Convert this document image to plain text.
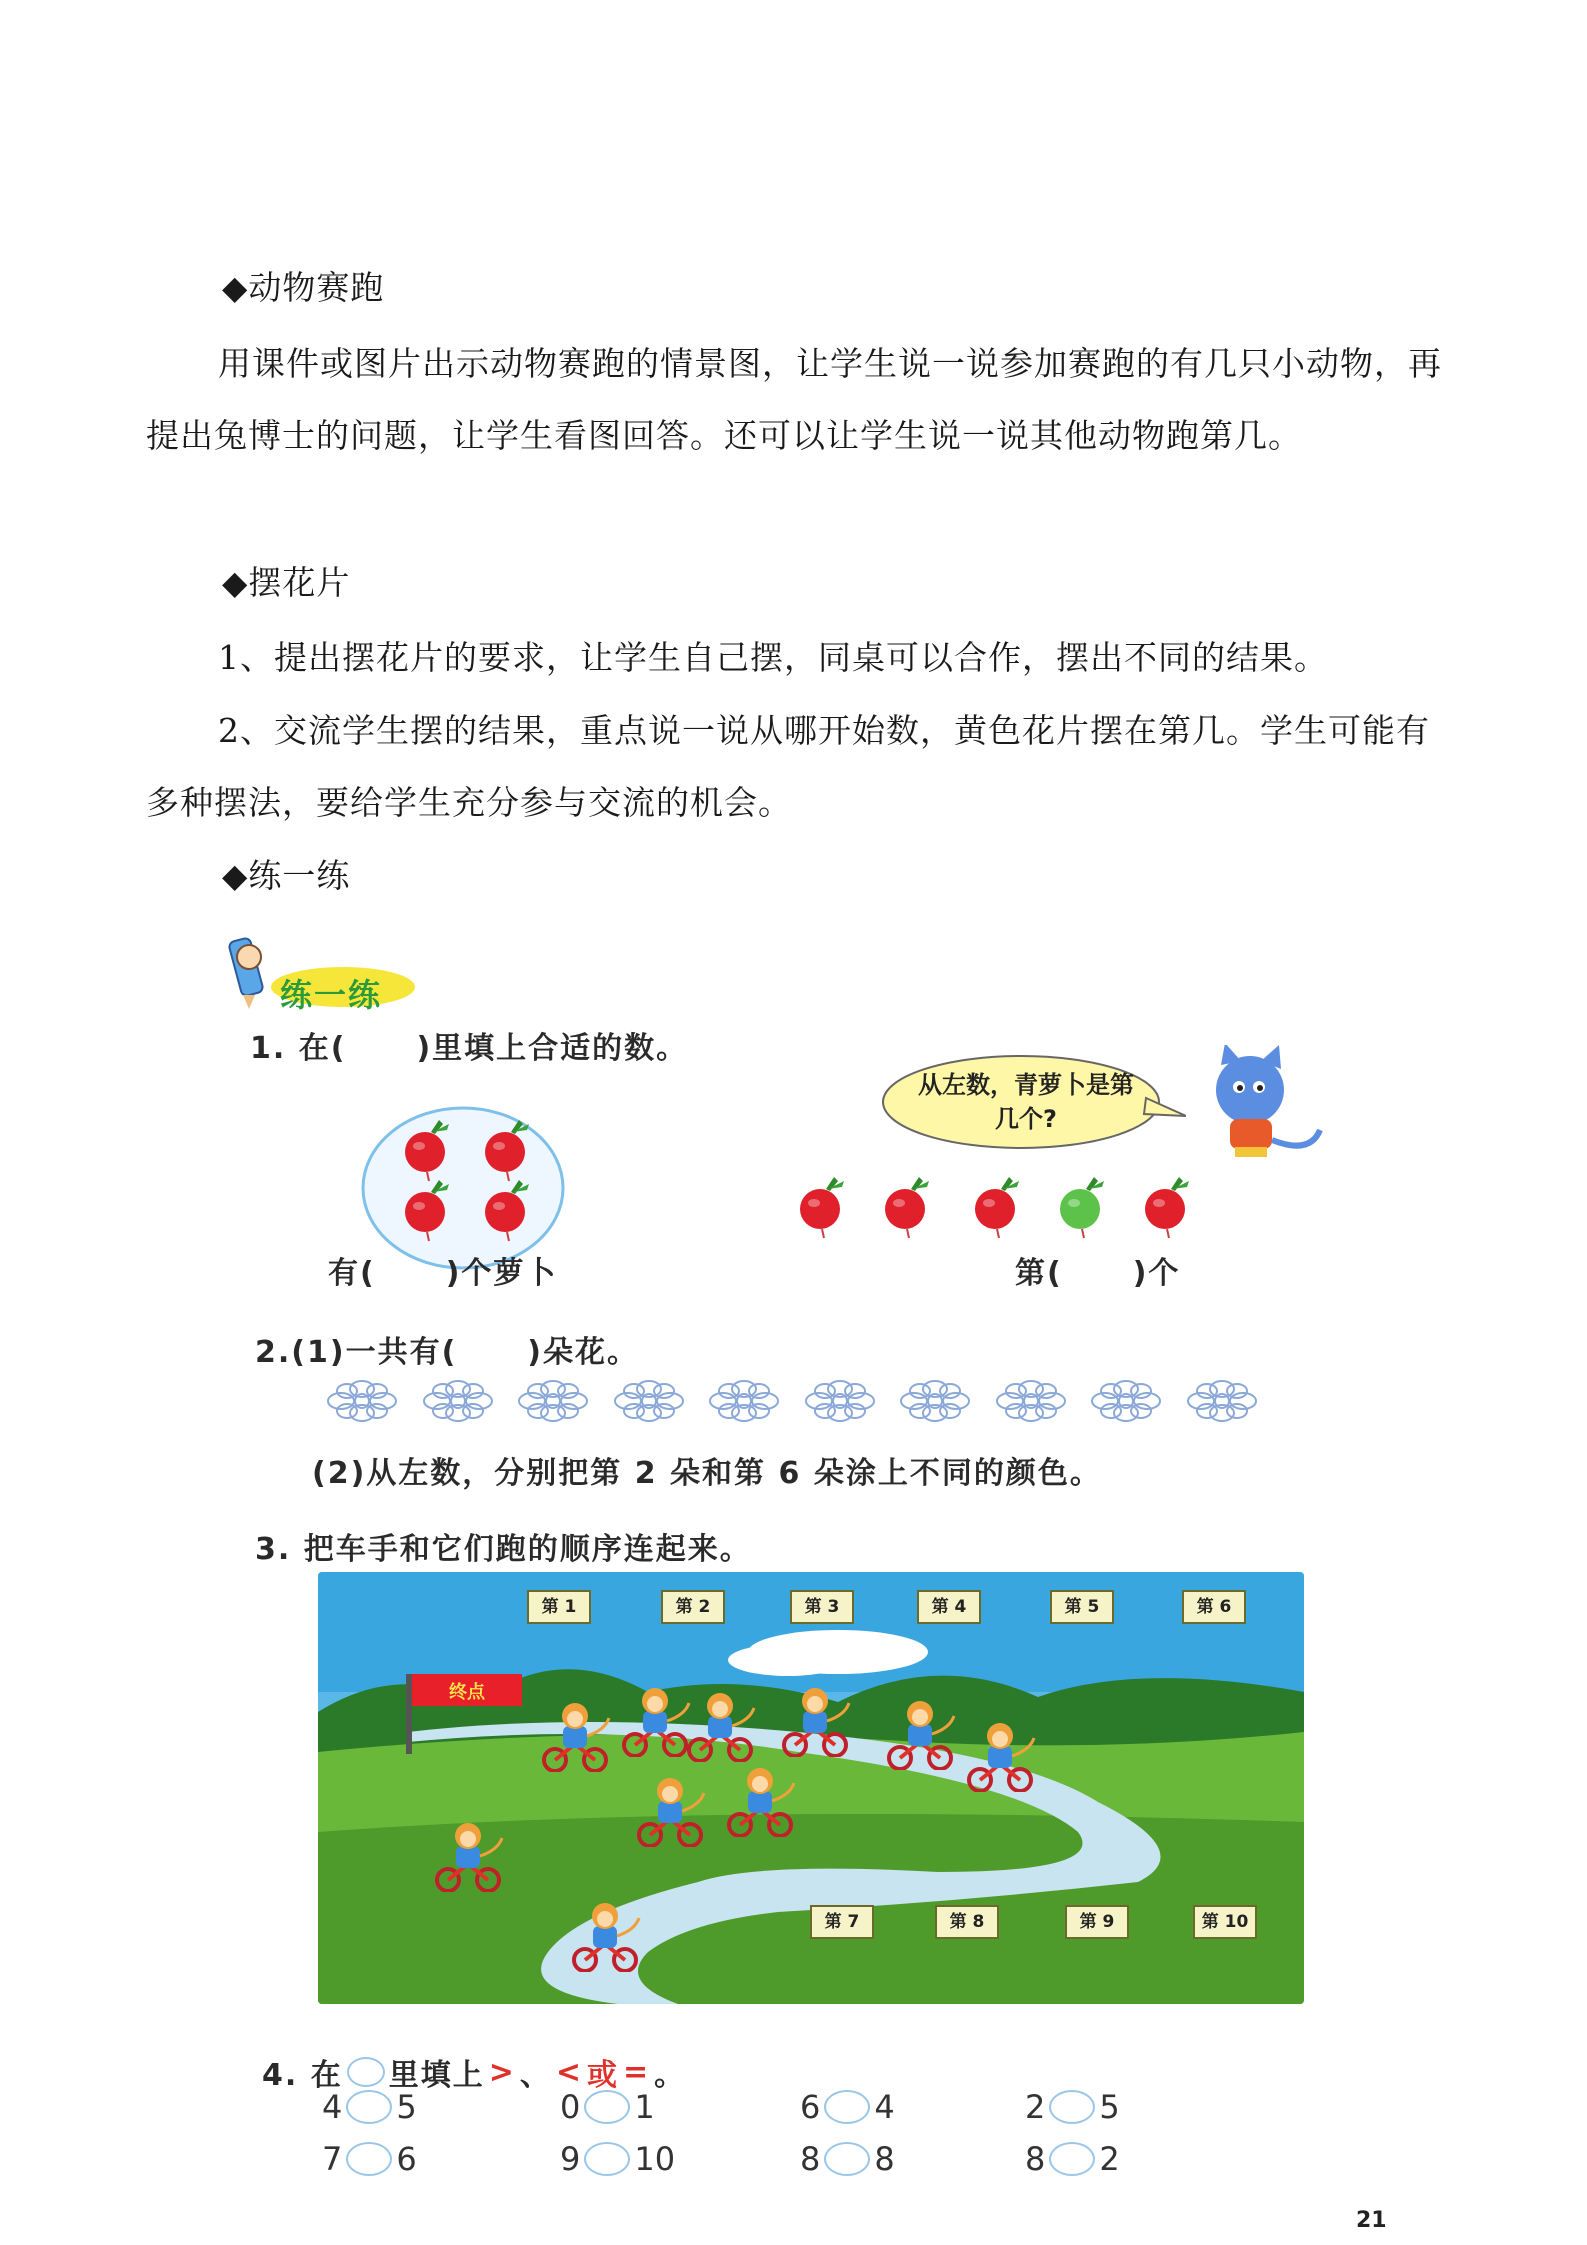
◆动物赛跑
用课件或图片出示动物赛跑的情景图，让学生说一说参加赛跑的有几只小动物，再提出兔博士的问题，让学生看图回答。还可以让学生说一说其他动物跑第几。
◆摆花片
1、提出摆花片的要求，让学生自己摆，同桌可以合作，摆出不同的结果。
2、交流学生摆的结果，重点说一说从哪开始数，黄色花片摆在第几。学生可能有多种摆法，要给学生充分参与交流的机会。
◆练一练
练一练
1. 在( )里填上合适的数。
从左数，青萝卜是第几个?
有( )个萝卜	第( )个
2.(1)一共有( )朵花。
(2)从左数，分别把第 2 朵和第 6 朵涂上不同的颜色。
3. 把车手和它们跑的顺序连起来。
终点
4. 在 里填上 > 、 < 或 = 。
21
第 1	第 2	第 3	第 4	第 5	第 6
第 7	第 8	第 9	第 10
4 5	0 1	6 4	2 5
7 6	9 10	8 8	8 2
